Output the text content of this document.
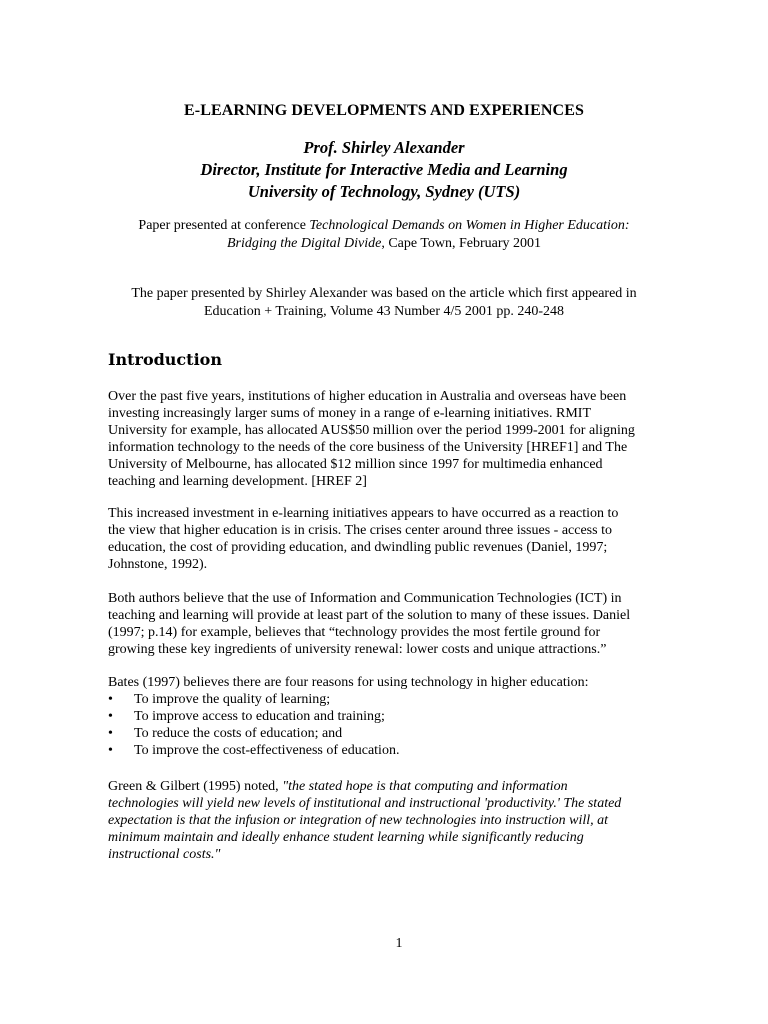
E-LEARNING DEVELOPMENTS AND EXPERIENCES
Prof. Shirley Alexander
Director, Institute for Interactive Media and Learning
University of Technology, Sydney (UTS)
Paper presented at conference Technological Demands on Women in Higher Education:
Bridging the Digital Divide, Cape Town, February 2001
The paper presented by Shirley Alexander was based on the article which first appeared in
Education + Training, Volume 43 Number 4/5 2001 pp. 240-248
Introduction
Over the past five years, institutions of higher education in Australia and overseas have been
investing increasingly larger sums of money in a range of e-learning initiatives. RMIT
University for example, has allocated AUS$50 million over the period 1999-2001 for aligning
information technology to the needs of the core business of the University [HREF1] and The
University of Melbourne, has allocated $12 million since 1997 for multimedia enhanced
teaching and learning development. [HREF 2]
This increased investment in e-learning initiatives appears to have occurred as a reaction to
the view that higher education is in crisis. The crises center around three issues - access to
education, the cost of providing education, and dwindling public revenues (Daniel, 1997;
Johnstone, 1992).
Both authors believe that the use of Information and Communication Technologies (ICT) in
teaching and learning will provide at least part of the solution to many of these issues. Daniel
(1997; p.14) for example, believes that “technology provides the most fertile ground for
growing these key ingredients of university renewal: lower costs and unique attractions.”
Bates (1997) believes there are four reasons for using technology in higher education:
• To improve the quality of learning;
• To improve access to education and training;
• To reduce the costs of education; and
• To improve the cost-effectiveness of education.
Green & Gilbert (1995) noted, "the stated hope is that computing and information
technologies will yield new levels of institutional and instructional 'productivity.' The stated
expectation is that the infusion or integration of new technologies into instruction will, at
minimum maintain and ideally enhance student learning while significantly reducing
instructional costs."
1
